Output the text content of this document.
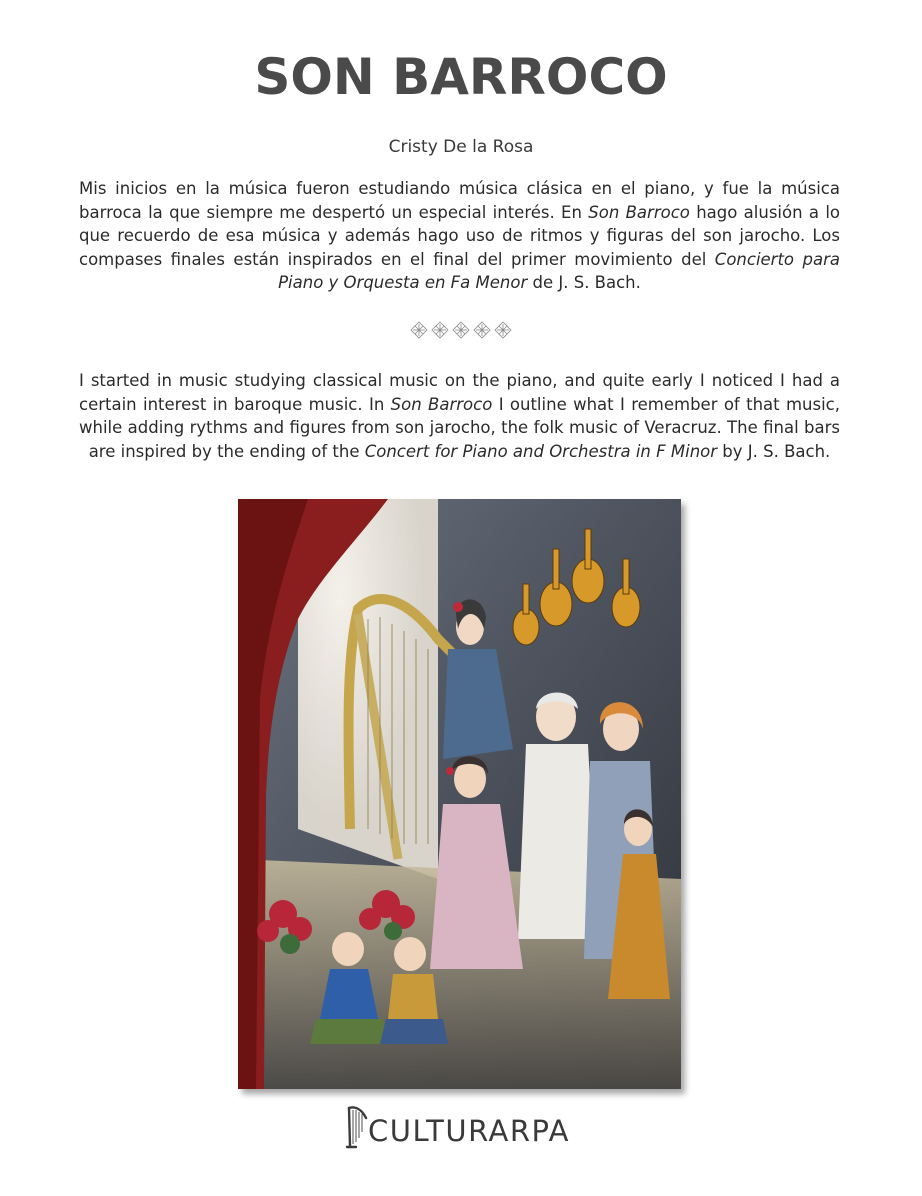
SON BARROCO
Cristy De la Rosa

Mis inicios en la música fueron estudiando música clásica en el piano, y fue la música barroca la que siempre me despertó un especial interés. En Son Barroco hago alusión a lo que recuerdo de esa música y además hago uso de ritmos y figuras del son jarocho. Los compases finales están inspirados en el final del primer movimiento del Concierto para Piano y Orquesta en Fa Menor de J. S. Bach.

I started in music studying classical music on the piano, and quite early I noticed I had a certain interest in baroque music. In Son Barroco I outline what I remember of that music, while adding rythms and figures from son jarocho, the folk music of Veracruz. The final bars are inspired by the ending of the Concert for Piano and Orchestra in F Minor by J. S. Bach.

CULTURARPA
